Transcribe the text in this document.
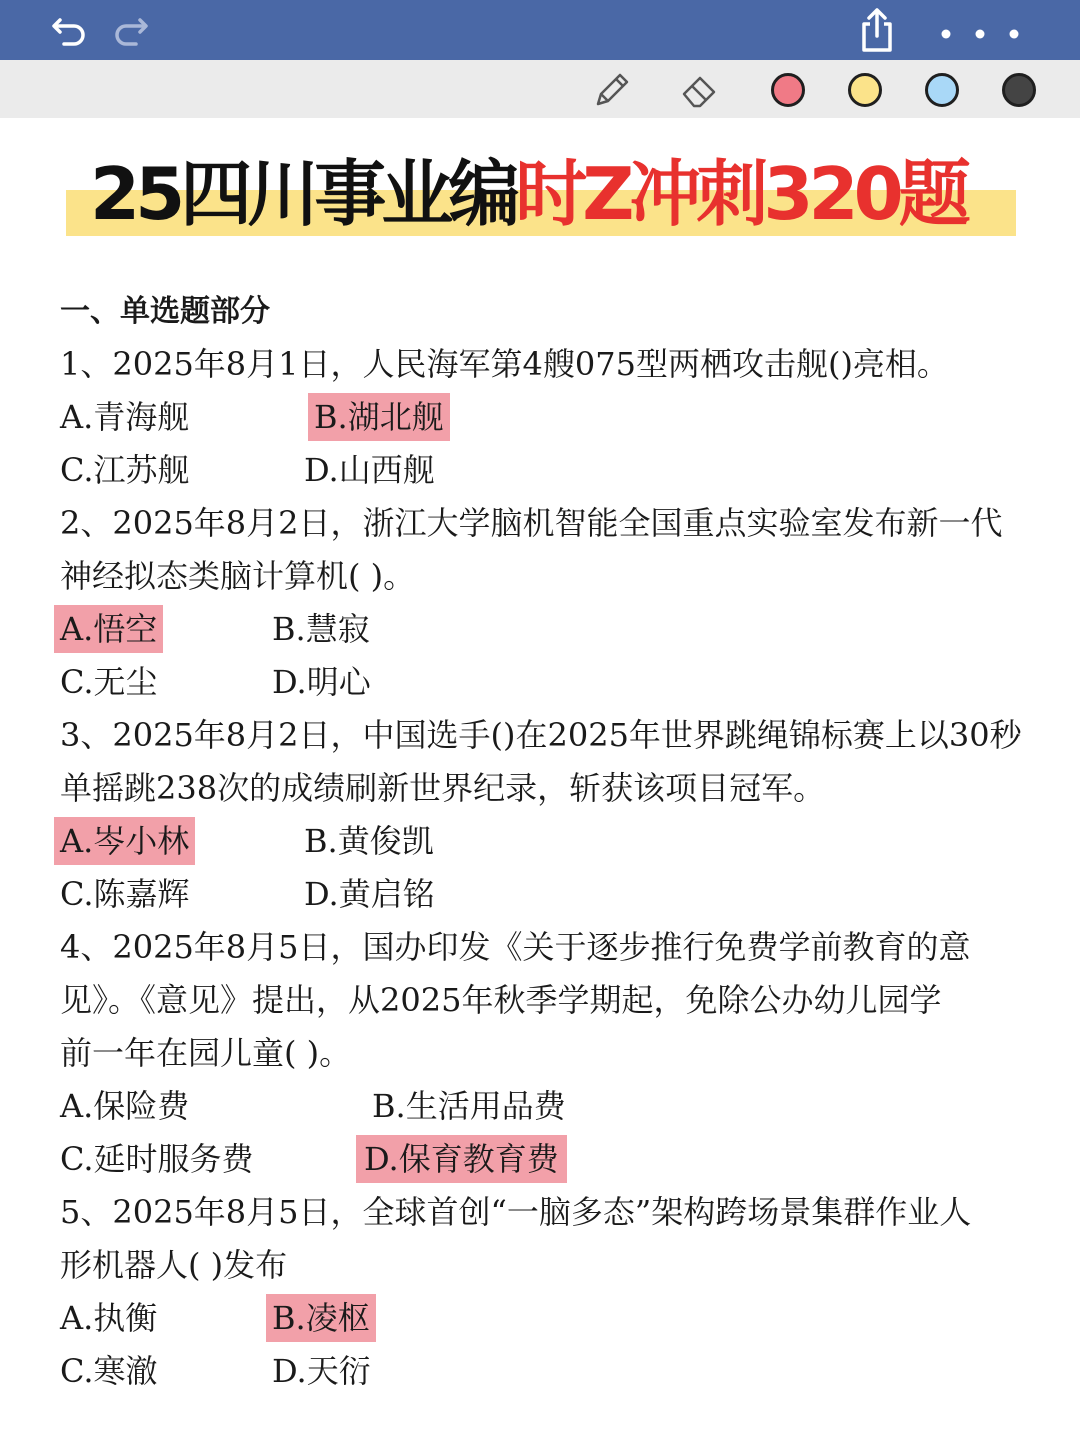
25四川事业编时Z冲刺320题
一、单选题部分
1、2025年8月1日，人民海军第4艘075型两栖攻击舰()亮相。
A.青海舰	B.湖北舰
C.江苏舰	D.山西舰
2、2025年8月2日，浙江大学脑机智能全国重点实验室发布新一代
神经拟态类脑计算机( )。
A.悟空	B.慧寂
C.无尘	D.明心
3、2025年8月2日，中国选手()在2025年世界跳绳锦标赛上以30秒
单摇跳238次的成绩刷新世界纪录，斩获该项目冠军。
A.岑小林	B.黄俊凯
C.陈嘉辉	D.黄启铭
4、2025年8月5日，国办印发《关于逐步推行免费学前教育的意
见》。《意见》提出，从2025年秋季学期起，免除公办幼儿园学
前一年在园儿童( )。
A.保险费	B.生活用品费
C.延时服务费	D.保育教育费
5、2025年8月5日，全球首创“一脑多态”架构跨场景集群作业人
形机器人( )发布
A.执衡	B.凌枢
C.寒澈	D.天衍
